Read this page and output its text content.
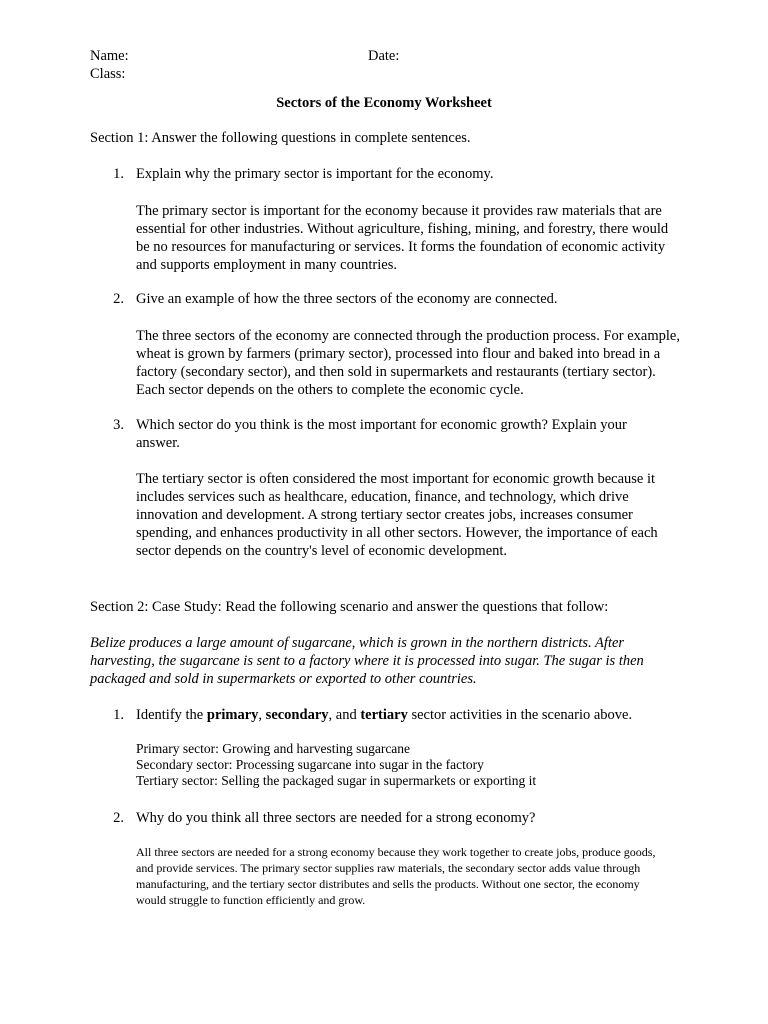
Name:	Date:
Class:
Sectors of the Economy Worksheet
Section 1: Answer the following questions in complete sentences.
1. Explain why the primary sector is important for the economy.
The primary sector is important for the economy because it provides raw materials that are essential for other industries. Without agriculture, fishing, mining, and forestry, there would be no resources for manufacturing or services. It forms the foundation of economic activity and supports employment in many countries.
2. Give an example of how the three sectors of the economy are connected.
The three sectors of the economy are connected through the production process. For example, wheat is grown by farmers (primary sector), processed into flour and baked into bread in a factory (secondary sector), and then sold in supermarkets and restaurants (tertiary sector). Each sector depends on the others to complete the economic cycle.
3. Which sector do you think is the most important for economic growth? Explain your answer.
The tertiary sector is often considered the most important for economic growth because it includes services such as healthcare, education, finance, and technology, which drive innovation and development. A strong tertiary sector creates jobs, increases consumer spending, and enhances productivity in all other sectors. However, the importance of each sector depends on the country's level of economic development.
Section 2: Case Study: Read the following scenario and answer the questions that follow:
Belize produces a large amount of sugarcane, which is grown in the northern districts. After harvesting, the sugarcane is sent to a factory where it is processed into sugar. The sugar is then packaged and sold in supermarkets or exported to other countries.
1. Identify the primary, secondary, and tertiary sector activities in the scenario above.
Primary sector: Growing and harvesting sugarcane
Secondary sector: Processing sugarcane into sugar in the factory
Tertiary sector: Selling the packaged sugar in supermarkets or exporting it
2. Why do you think all three sectors are needed for a strong economy?
All three sectors are needed for a strong economy because they work together to create jobs, produce goods, and provide services. The primary sector supplies raw materials, the secondary sector adds value through manufacturing, and the tertiary sector distributes and sells the products. Without one sector, the economy would struggle to function efficiently and grow.
